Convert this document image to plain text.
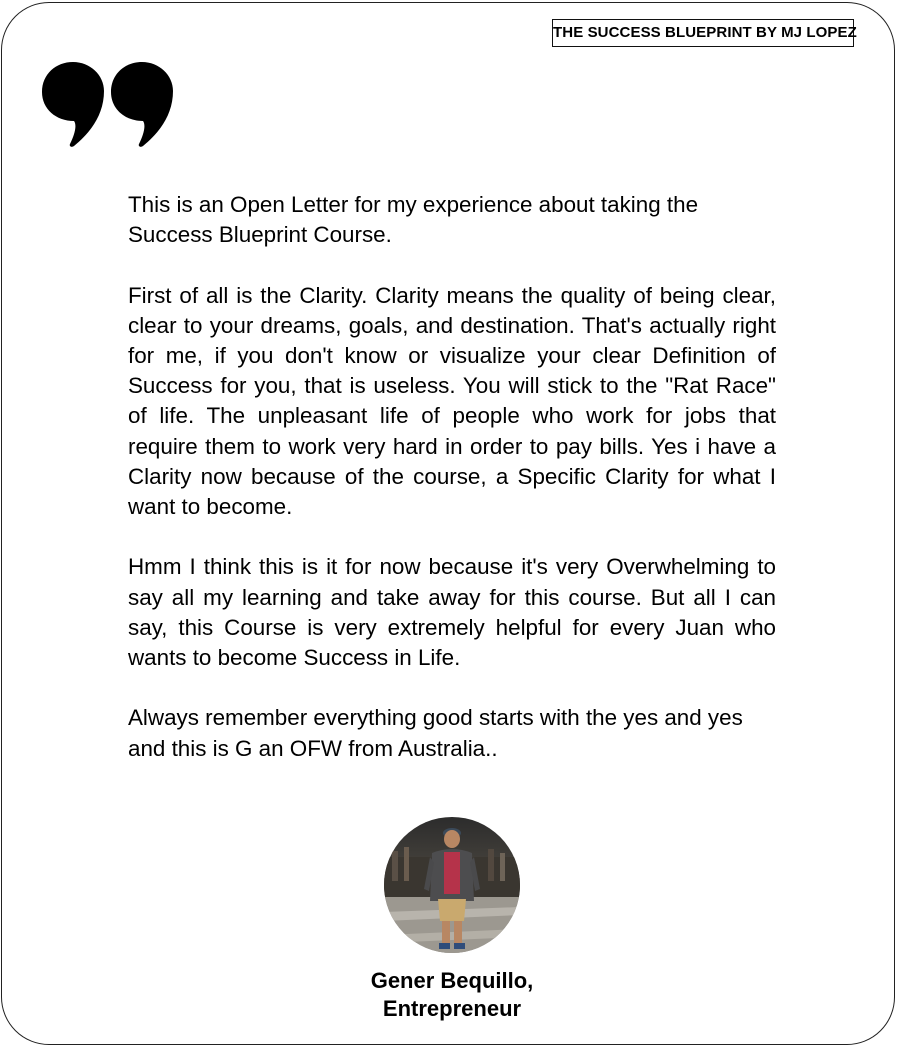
THE SUCCESS BLUEPRINT BY MJ LOPEZ

This is an Open Letter for my experience about taking the Success Blueprint Course.

First of all is the Clarity. Clarity means the quality of being clear, clear to your dreams, goals, and destination. That's actually right for me, if you don't know or visualize your clear Definition of Success for you, that is useless. You will stick to the "Rat Race" of life. The unpleasant life of people who work for jobs that require them to work very hard in order to pay bills. Yes i have a Clarity now because of the course, a Specific Clarity for what I want to become.

Hmm I think this is it for now because it's very Overwhelming to say all my learning and take away for this course. But all I can say, this Course is very extremely helpful for every Juan who wants to become Success in Life.

Always remember everything good starts with the yes and yes and this is G an OFW from Australia..

Gener Bequillo,
Entrepreneur
